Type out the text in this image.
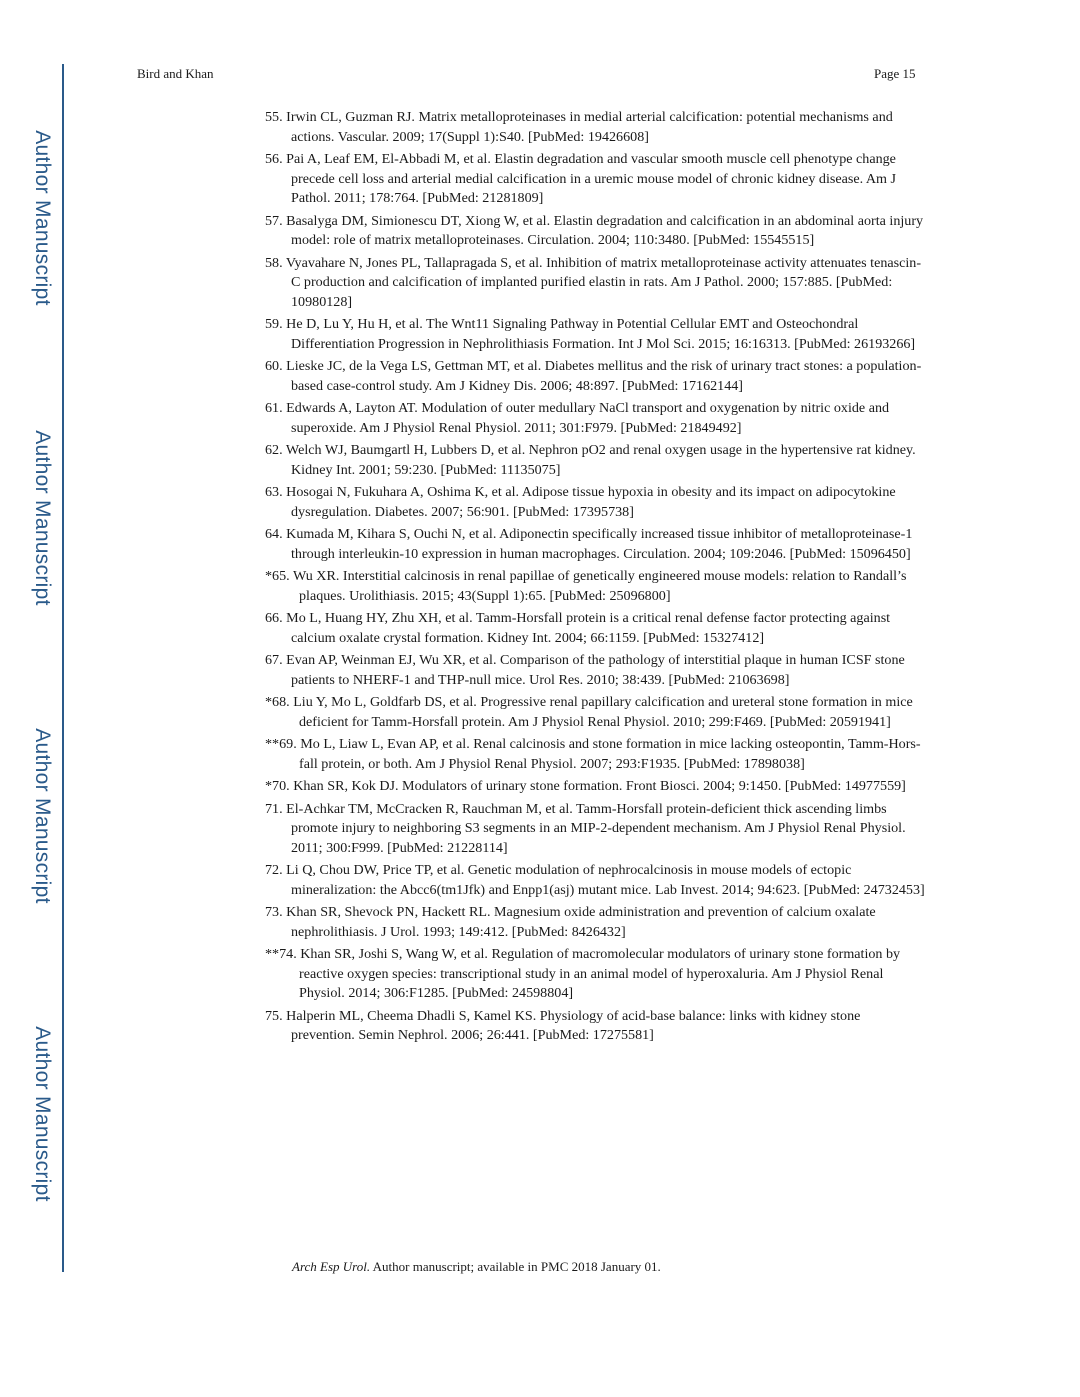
Author Manuscript
Author Manuscript
Author Manuscript
Author Manuscript
Bird and Khan	Page 15
55. Irwin CL, Guzman RJ. Matrix metalloproteinases in medial arterial calcification: potential mechanisms and actions. Vascular. 2009; 17(Suppl 1):S40. [PubMed: 19426608]
56. Pai A, Leaf EM, El-Abbadi M, et al. Elastin degradation and vascular smooth muscle cell phenotype change precede cell loss and arterial medial calcification in a uremic mouse model of chronic kidney disease. Am J Pathol. 2011; 178:764. [PubMed: 21281809]
57. Basalyga DM, Simionescu DT, Xiong W, et al. Elastin degradation and calcification in an abdominal aorta injury model: role of matrix metalloproteinases. Circulation. 2004; 110:3480. [PubMed: 15545515]
58. Vyavahare N, Jones PL, Tallapragada S, et al. Inhibition of matrix metalloproteinase activity attenuates tenascin-C production and calcification of implanted purified elastin in rats. Am J Pathol. 2000; 157:885. [PubMed: 10980128]
59. He D, Lu Y, Hu H, et al. The Wnt11 Signaling Pathway in Potential Cellular EMT and Osteochondral Differentiation Progression in Nephrolithiasis Formation. Int J Mol Sci. 2015; 16:16313. [PubMed: 26193266]
60. Lieske JC, de la Vega LS, Gettman MT, et al. Diabetes mellitus and the risk of urinary tract stones: a population-based case-control study. Am J Kidney Dis. 2006; 48:897. [PubMed: 17162144]
61. Edwards A, Layton AT. Modulation of outer medullary NaCl transport and oxygenation by nitric oxide and superoxide. Am J Physiol Renal Physiol. 2011; 301:F979. [PubMed: 21849492]
62. Welch WJ, Baumgartl H, Lubbers D, et al. Nephron pO2 and renal oxygen usage in the hypertensive rat kidney. Kidney Int. 2001; 59:230. [PubMed: 11135075]
63. Hosogai N, Fukuhara A, Oshima K, et al. Adipose tissue hypoxia in obesity and its impact on adipocytokine dysregulation. Diabetes. 2007; 56:901. [PubMed: 17395738]
64. Kumada M, Kihara S, Ouchi N, et al. Adiponectin specifically increased tissue inhibitor of metalloproteinase-1 through interleukin-10 expression in human macrophages. Circulation. 2004; 109:2046. [PubMed: 15096450]
*65. Wu XR. Interstitial calcinosis in renal papillae of genetically engineered mouse models: relation to Randall’s plaques. Urolithiasis. 2015; 43(Suppl 1):65. [PubMed: 25096800]
66. Mo L, Huang HY, Zhu XH, et al. Tamm-Horsfall protein is a critical renal defense factor protecting against calcium oxalate crystal formation. Kidney Int. 2004; 66:1159. [PubMed: 15327412]
67. Evan AP, Weinman EJ, Wu XR, et al. Comparison of the pathology of interstitial plaque in human ICSF stone patients to NHERF-1 and THP-null mice. Urol Res. 2010; 38:439. [PubMed: 21063698]
*68. Liu Y, Mo L, Goldfarb DS, et al. Progressive renal papillary calcification and ureteral stone formation in mice deficient for Tamm-Horsfall protein. Am J Physiol Renal Physiol. 2010; 299:F469. [PubMed: 20591941]
**69. Mo L, Liaw L, Evan AP, et al. Renal calcinosis and stone formation in mice lacking osteopontin, Tamm-Hors-fall protein, or both. Am J Physiol Renal Physiol. 2007; 293:F1935. [PubMed: 17898038]
*70. Khan SR, Kok DJ. Modulators of urinary stone formation. Front Biosci. 2004; 9:1450. [PubMed: 14977559]
71. El-Achkar TM, McCracken R, Rauchman M, et al. Tamm-Horsfall protein-deficient thick ascending limbs promote injury to neighboring S3 segments in an MIP-2-dependent mechanism. Am J Physiol Renal Physiol. 2011; 300:F999. [PubMed: 21228114]
72. Li Q, Chou DW, Price TP, et al. Genetic modulation of nephrocalcinosis in mouse models of ectopic mineralization: the Abcc6(tm1Jfk) and Enpp1(asj) mutant mice. Lab Invest. 2014; 94:623. [PubMed: 24732453]
73. Khan SR, Shevock PN, Hackett RL. Magnesium oxide administration and prevention of calcium oxalate nephrolithiasis. J Urol. 1993; 149:412. [PubMed: 8426432]
**74. Khan SR, Joshi S, Wang W, et al. Regulation of macromolecular modulators of urinary stone formation by reactive oxygen species: transcriptional study in an animal model of hyperoxaluria. Am J Physiol Renal Physiol. 2014; 306:F1285. [PubMed: 24598804]
75. Halperin ML, Cheema Dhadli S, Kamel KS. Physiology of acid-base balance: links with kidney stone prevention. Semin Nephrol. 2006; 26:441. [PubMed: 17275581]
Arch Esp Urol. Author manuscript; available in PMC 2018 January 01.
